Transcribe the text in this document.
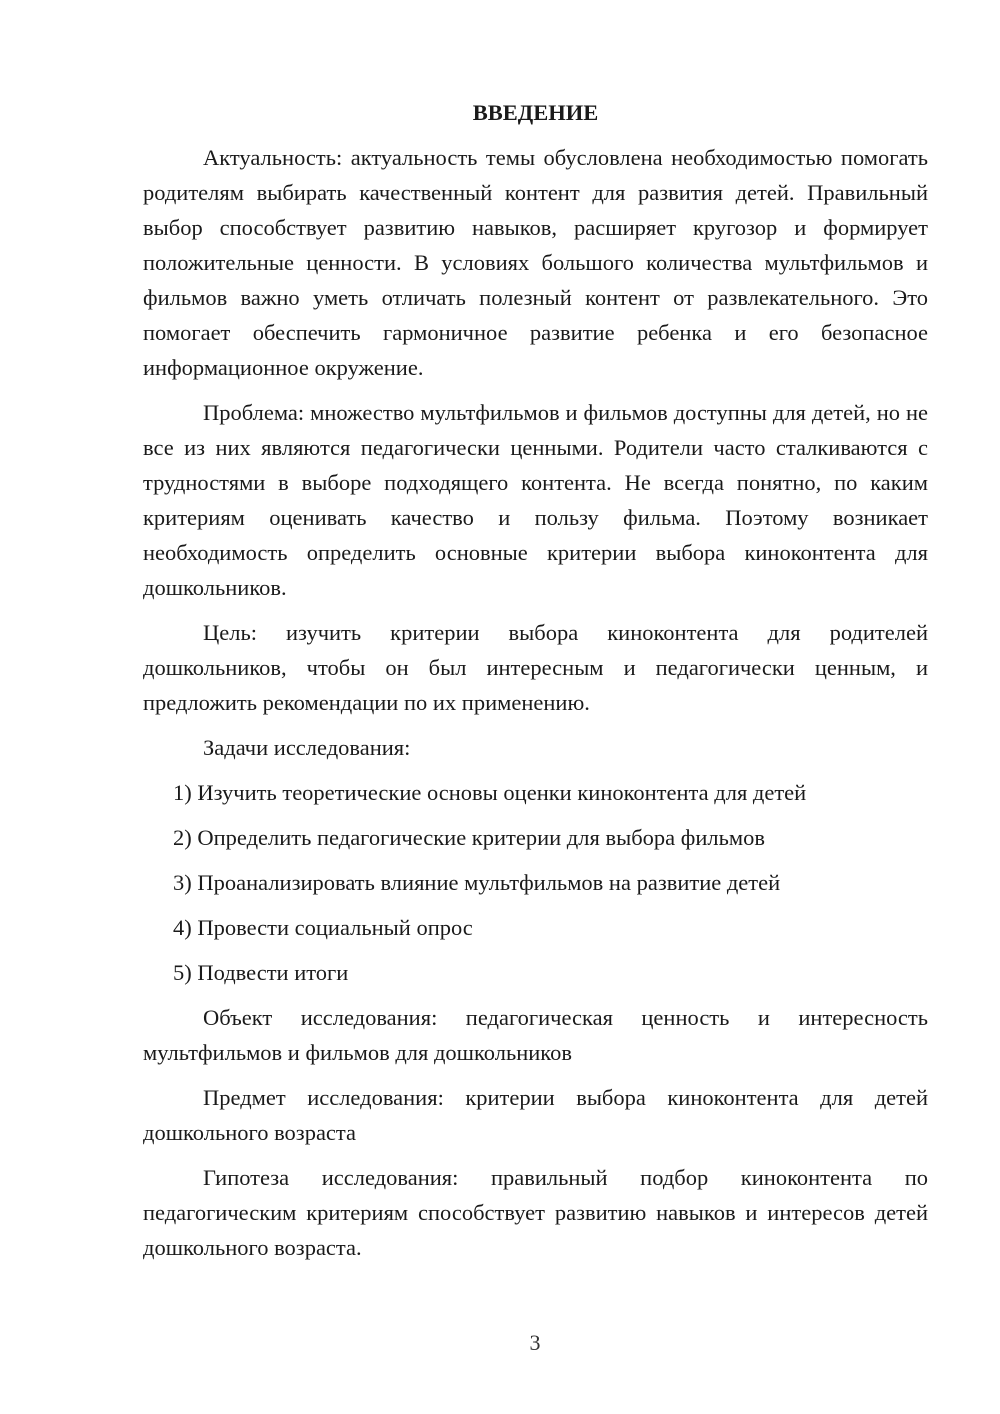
ВВЕДЕНИЕ

Актуальность: актуальность темы обусловлена необходимостью помогать родителям выбирать качественный контент для развития детей. Правильный выбор способствует развитию навыков, расширяет кругозор и формирует положительные ценности. В условиях большого количества мультфильмов и фильмов важно уметь отличать полезный контент от развлекательного. Это помогает обеспечить гармоничное развитие ребенка и его безопасное информационное окружение.

Проблема: множество мультфильмов и фильмов доступны для детей, но не все из них являются педагогически ценными. Родители часто сталкиваются с трудностями в выборе подходящего контента. Не всегда понятно, по каким критериям оценивать качество и пользу фильма. Поэтому возникает необходимость определить основные критерии выбора киноконтента для дошкольников.

Цель: изучить критерии выбора киноконтента для родителей дошкольников, чтобы он был интересным и педагогически ценным, и предложить рекомендации по их применению.

Задачи исследования:

1) Изучить теоретические основы оценки киноконтента для детей
2) Определить педагогические критерии для выбора фильмов
3) Проанализировать влияние мультфильмов на развитие детей
4) Провести социальный опрос
5) Подвести итоги

Объект исследования: педагогическая ценность и интересность мультфильмов и фильмов для дошкольников

Предмет исследования: критерии выбора киноконтента для детей дошкольного возраста

Гипотеза исследования: правильный подбор киноконтента по педагогическим критериям способствует развитию навыков и интересов детей дошкольного возраста.

3
